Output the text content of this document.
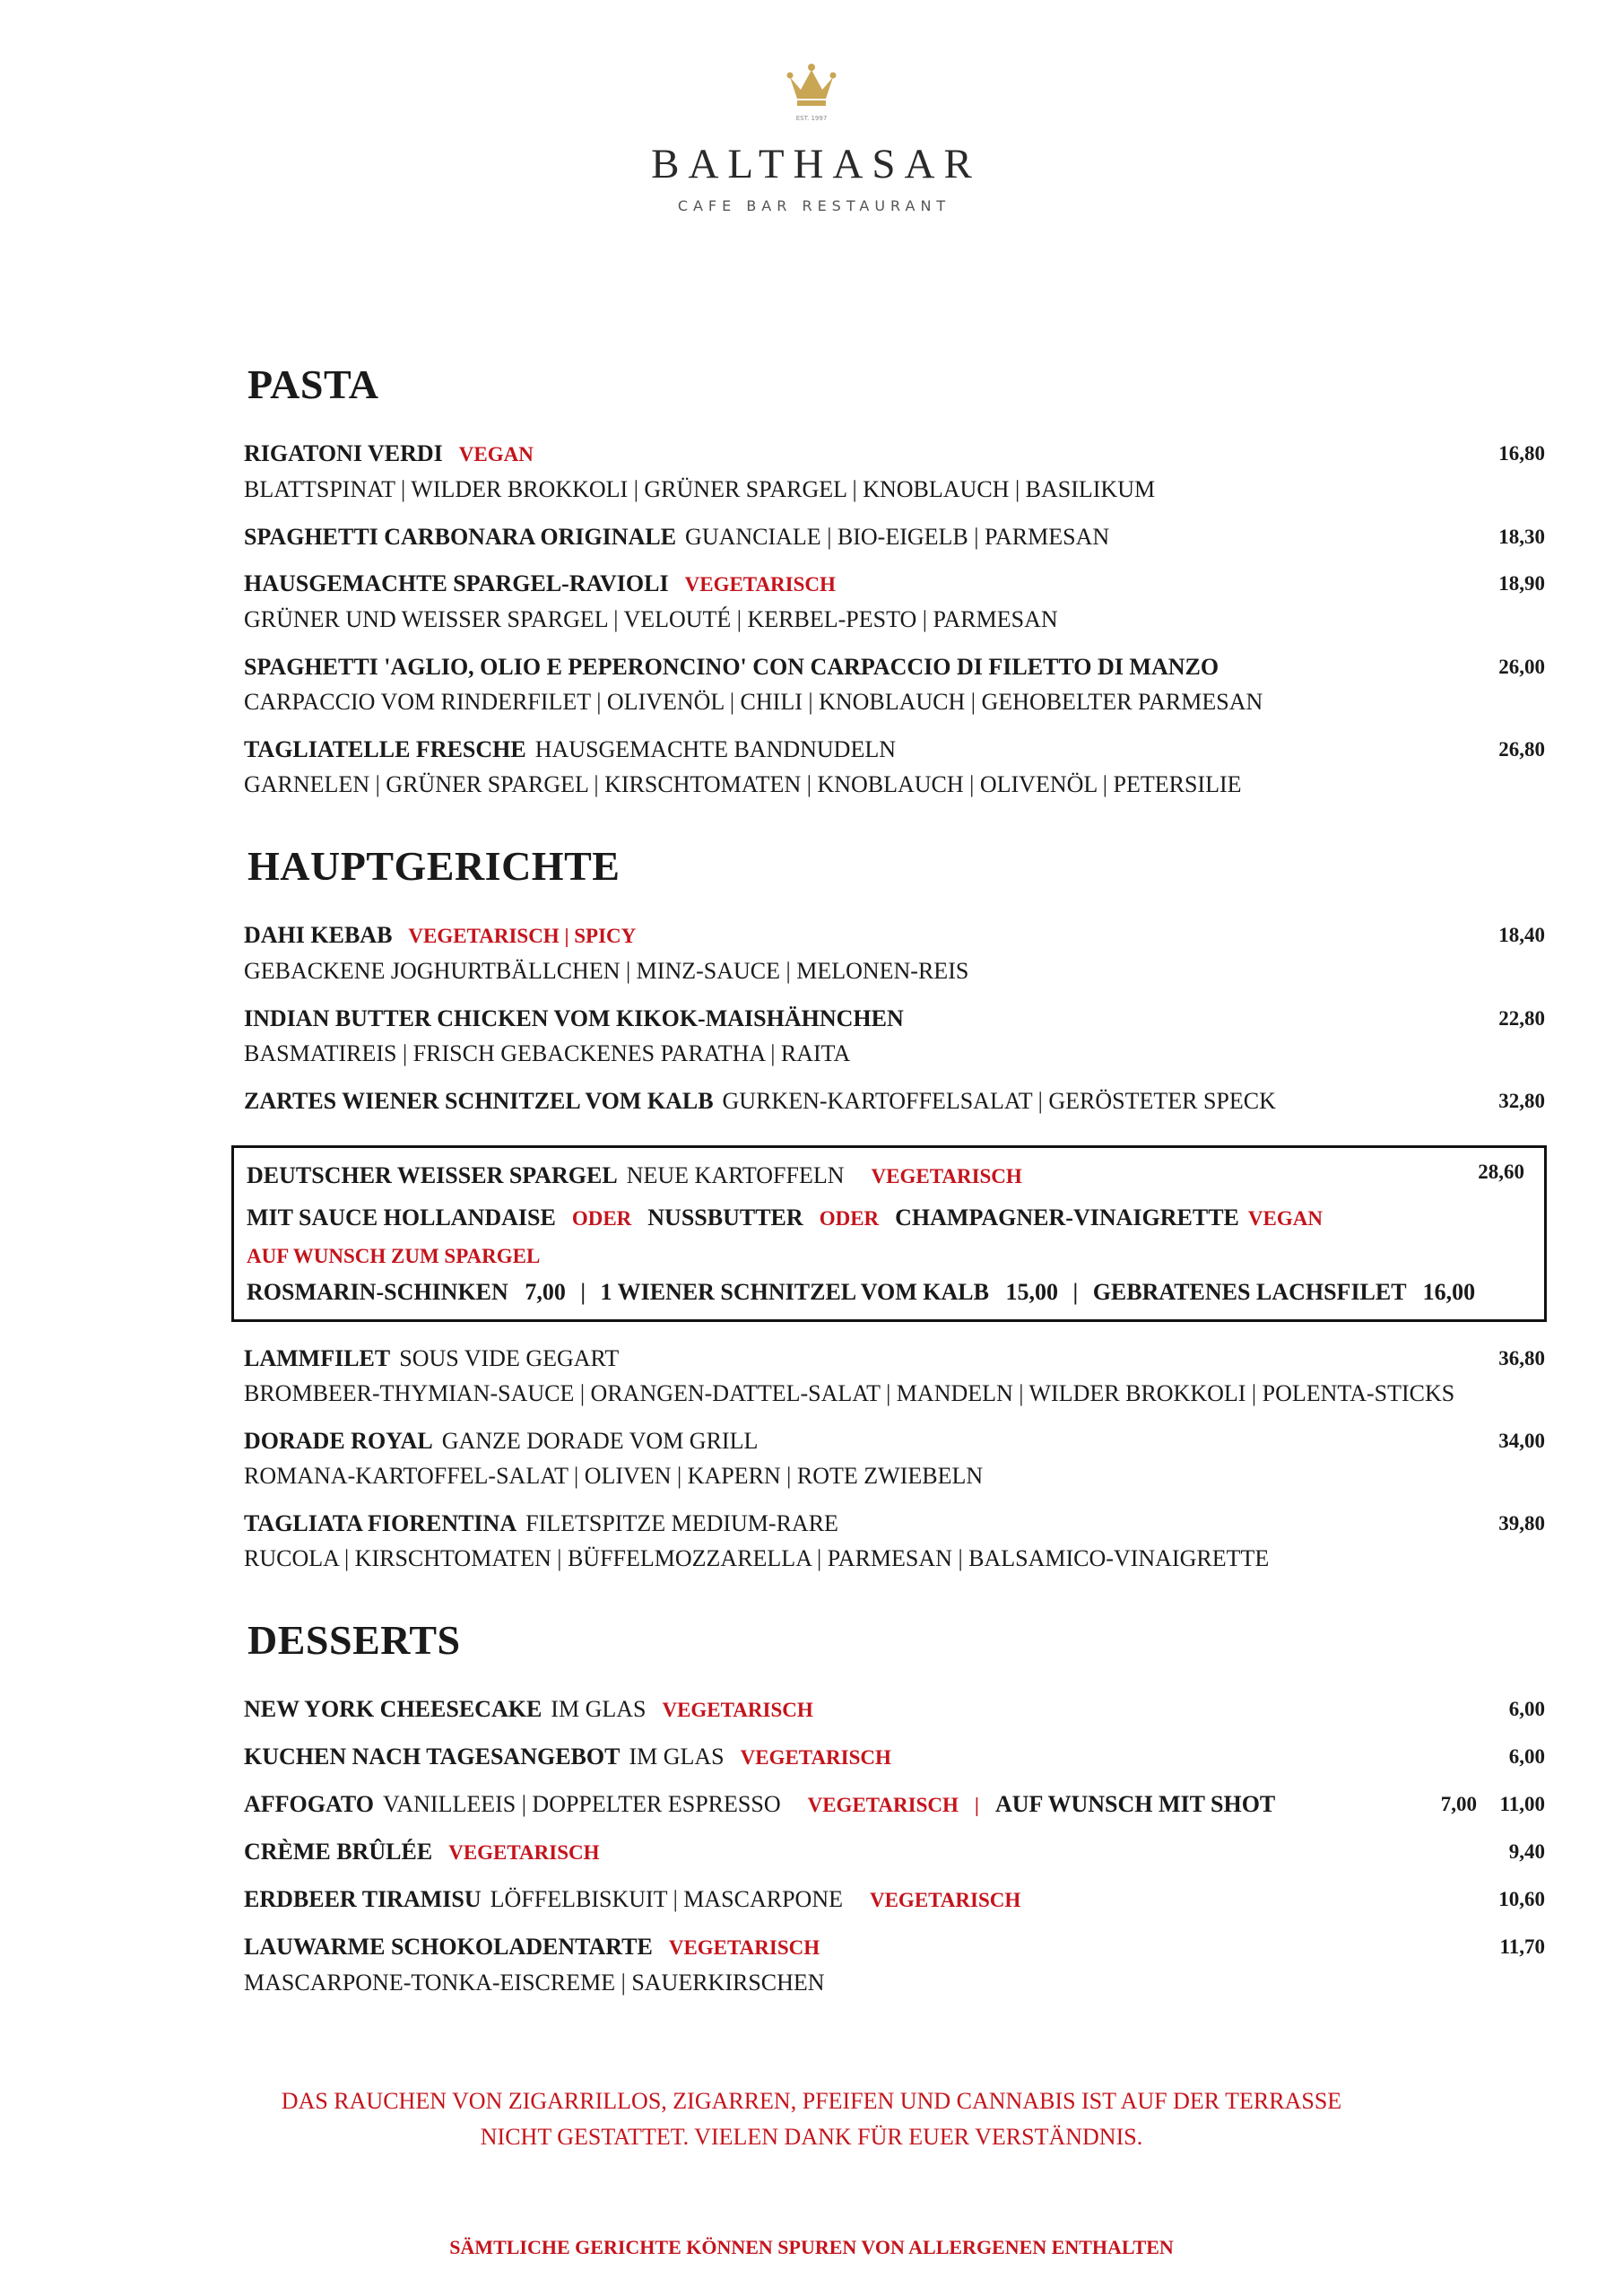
EST. 1997
BALTHASAR
CAFE BAR RESTAURANT
PASTA
RIGATONI VERDI VEGAN
BLATTSPINAT | WILDER BROKKOLI | GRÜNER SPARGEL | KNOBLAUCH | BASILIKUM
16,80
SPAGHETTI CARBONARA ORIGINALE GUANCIALE | BIO-EIGELB | PARMESAN	18,30
HAUSGEMACHTE SPARGEL-RAVIOLI VEGETARISCH
GRÜNER UND WEISSER SPARGEL | VELOUTÉ | KERBEL-PESTO | PARMESAN
18,90
SPAGHETTI 'AGLIO, OLIO E PEPERONCINO' CON CARPACCIO DI FILETTO DI MANZO
CARPACCIO VOM RINDERFILET | OLIVENÖL | CHILI | KNOBLAUCH | GEHOBELTER PARMESAN
26,00
TAGLIATELLE FRESCHE HAUSGEMACHTE BANDNUDELN
GARNELEN | GRÜNER SPARGEL | KIRSCHTOMATEN | KNOBLAUCH | OLIVENÖL | PETERSILIE
26,80
HAUPTGERICHTE
DAHI KEBAB VEGETARISCH | SPICY
GEBACKENE JOGHURTBÄLLCHEN | MINZ-SAUCE | MELONEN-REIS
18,40
INDIAN BUTTER CHICKEN VOM KIKOK-MAISHÄHNCHEN
BASMATIREIS | FRISCH GEBACKENES PARATHA | RAITA
22,80
ZARTES WIENER SCHNITZEL VOM KALB GURKEN-KARTOFFELSALAT | GERÖSTETER SPECK	32,80
DEUTSCHER WEISSER SPARGEL NEUE KARTOFFELN VEGETARISCH
MIT SAUCE HOLLANDAISE ODER NUSSBUTTER ODER CHAMPAGNER-VINAIGRETTE VEGAN
AUF WUNSCH ZUM SPARGEL
ROSMARIN-SCHINKEN 7,00 | 1 WIENER SCHNITZEL VOM KALB 15,00 | GEBRATENES LACHSFILET 16,00
28,60
LAMMFILET SOUS VIDE GEGART
BROMBEER-THYMIAN-SAUCE | ORANGEN-DATTEL-SALAT | MANDELN | WILDER BROKKOLI | POLENTA-STICKS
36,80
DORADE ROYAL GANZE DORADE VOM GRILL
ROMANA-KARTOFFEL-SALAT | OLIVEN | KAPERN | ROTE ZWIEBELN
34,00
TAGLIATA FIORENTINA FILETSPITZE MEDIUM-RARE
RUCOLA | KIRSCHTOMATEN | BÜFFELMOZZARELLA | PARMESAN | BALSAMICO-VINAIGRETTE
39,80
DESSERTS
NEW YORK CHEESECAKE IM GLAS VEGETARISCH	6,00
KUCHEN NACH TAGESANGEBOT IM GLAS VEGETARISCH	6,00
AFFOGATO VANILLEEIS | DOPPELTER ESPRESSO VEGETARISCH | AUF WUNSCH MIT SHOT	7,00 11,00
CRÈME BRÛLÉE VEGETARISCH	9,40
ERDBEER TIRAMISU LÖFFELBISKUIT | MASCARPONE VEGETARISCH	10,60
LAUWARME SCHOKOLADENTARTE VEGETARISCH
MASCARPONE-TONKA-EISCREME | SAUERKIRSCHEN
11,70
DAS RAUCHEN VON ZIGARRILLOS, ZIGARREN, PFEIFEN UND CANNABIS IST AUF DER TERRASSE
NICHT GESTATTET. VIELEN DANK FÜR EUER VERSTÄNDNIS.
SÄMTLICHE GERICHTE KÖNNEN SPUREN VON ALLERGENEN ENTHALTEN
